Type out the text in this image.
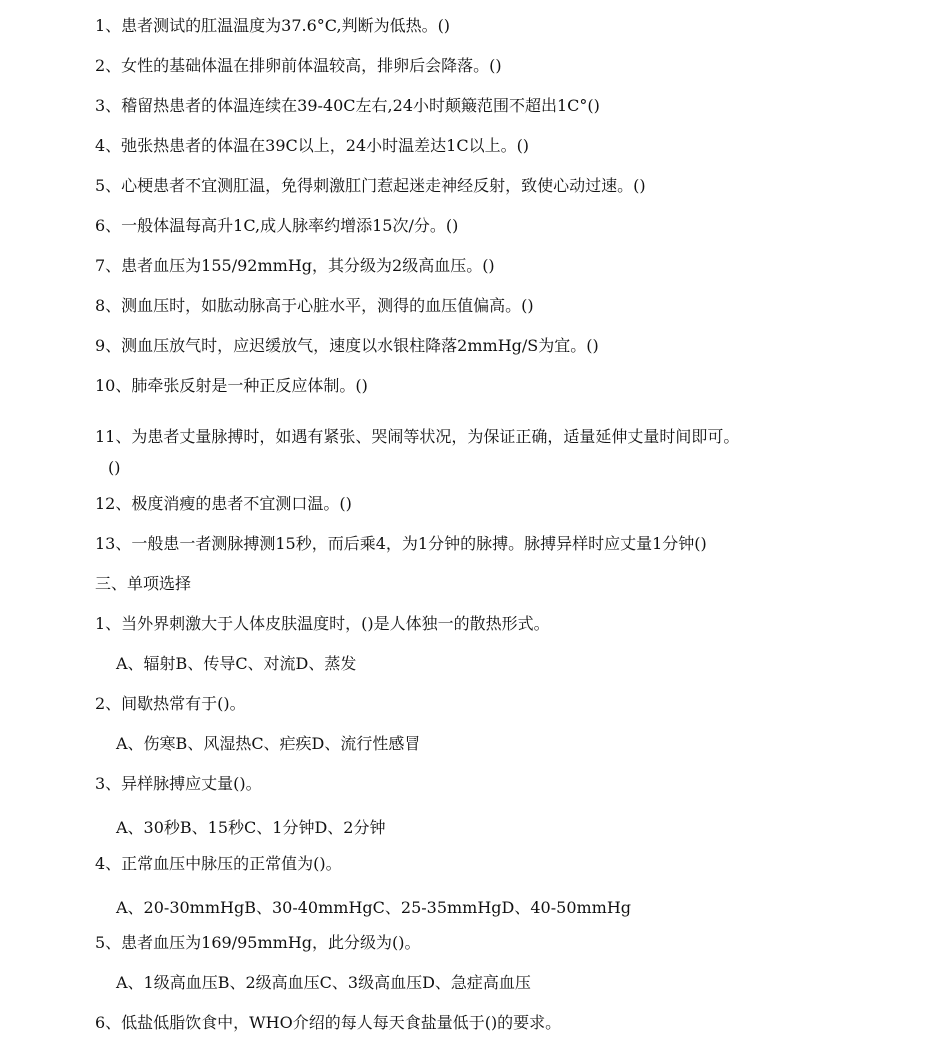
1、患者测试的肛温温度为37.6°C,判断为低热。()
2、女性的基础体温在排卵前体温较高，排卵后会降落。()
3、稽留热患者的体温连续在39-40C左右,24小时颠簸范围不超出1C°()
4、弛张热患者的体温在39C以上，24小时温差达1C以上。()
5、心梗患者不宜测肛温，免得刺激肛门惹起迷走神经反射，致使心动过速。()
6、一般体温每高升1C,成人脉率约增添15次/分。()
7、患者血压为155/92mmHg，其分级为2级高血压。()
8、测血压时，如肱动脉高于心脏水平，测得的血压值偏高。()
9、测血压放气时，应迟缓放气，速度以水银柱降落2mmHg/S为宜。()
10、肺牵张反射是一种正反应体制。()
11、为患者丈量脉搏时，如遇有紧张、哭闹等状况，为保证正确，适量延伸丈量时间即可。
()
12、极度消瘦的患者不宜测口温。()
13、一般患一者测脉搏测15秒，而后乘4，为1分钟的脉搏。脉搏异样时应丈量1分钟()
三、单项选择
1、当外界刺激大于人体皮肤温度时，()是人体独一的散热形式。
A、辐射B、传导C、对流D、蒸发
2、间歇热常有于()。
A、伤寒B、风湿热C、疟疾D、流行性感冒
3、异样脉搏应丈量()。
A、30秒B、15秒C、1分钟D、2分钟
4、正常血压中脉压的正常值为()。
A、20-30mmHgB、30-40mmHgC、25-35mmHgD、40-50mmHg
5、患者血压为169/95mmHg，此分级为()。
A、1级高血压B、2级高血压C、3级高血压D、急症高血压
6、低盐低脂饮食中，WHO介绍的每人每天食盐量低于()的要求。
